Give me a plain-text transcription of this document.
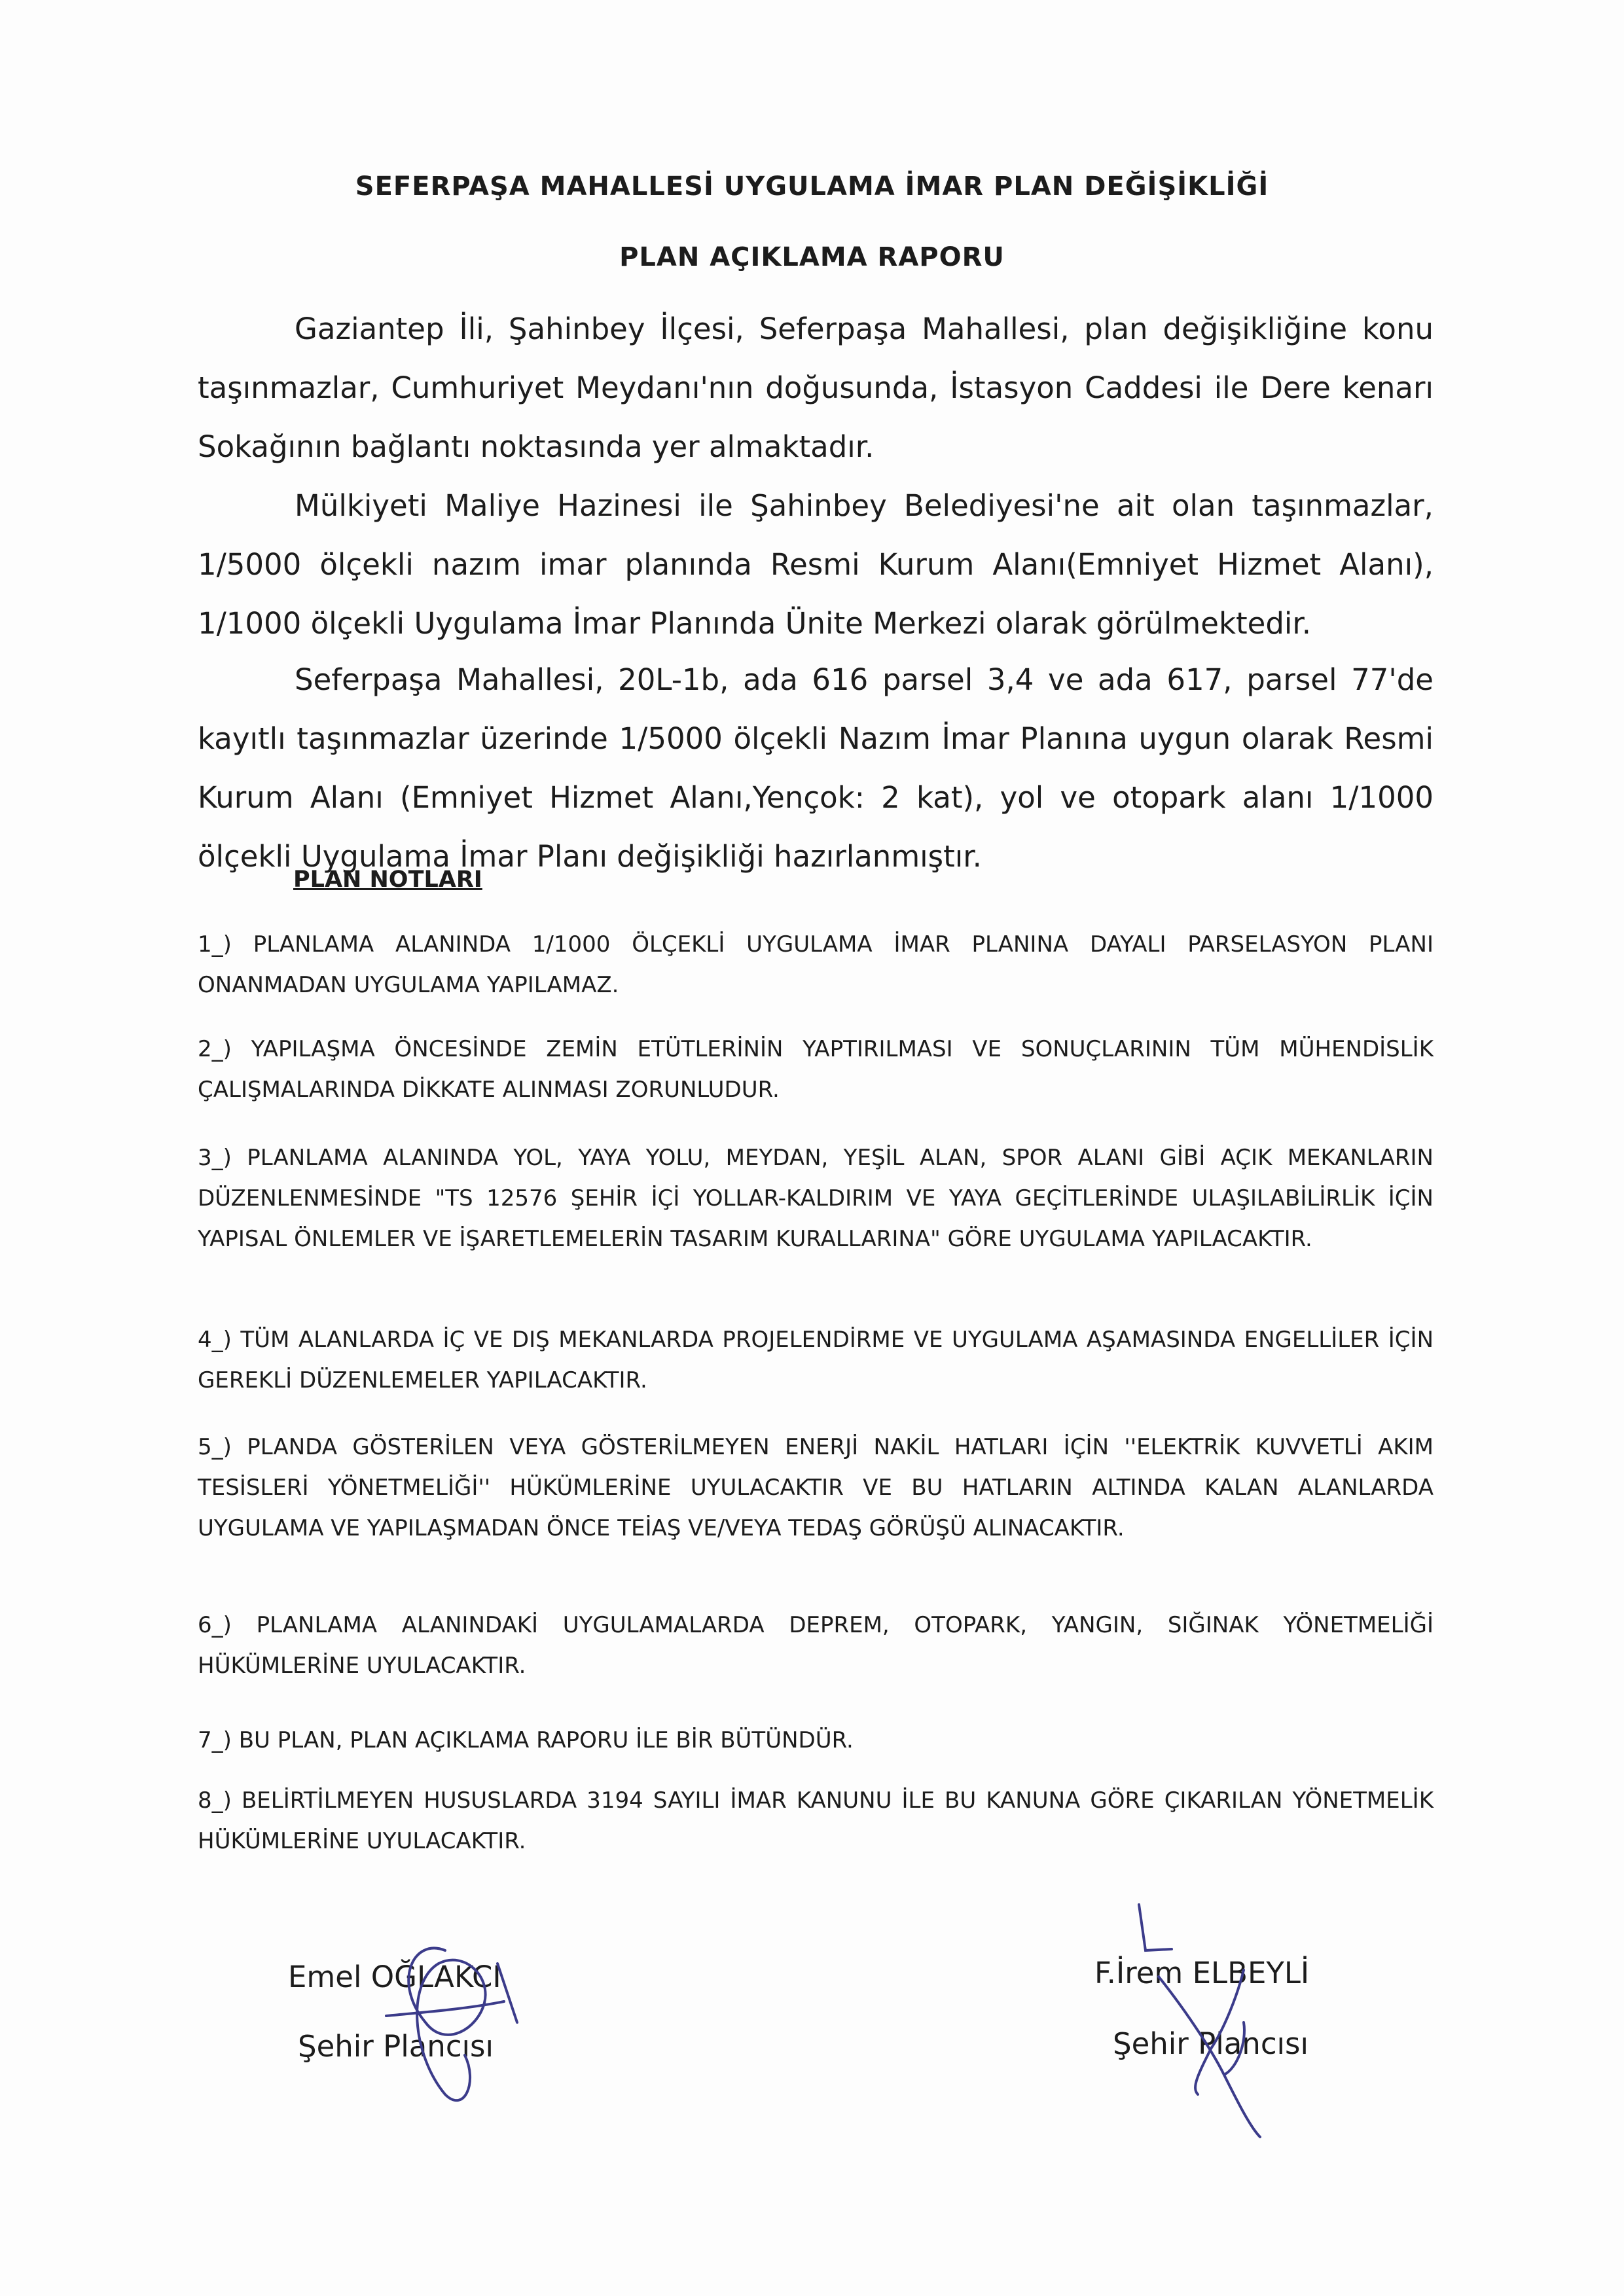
SEFERPAŞA MAHALLESİ UYGULAMA İMAR PLAN DEĞİŞİKLİĞİ
PLAN AÇIKLAMA RAPORU
Gaziantep İli, Şahinbey İlçesi, Seferpaşa Mahallesi, plan değişikliğine konu taşınmazlar, Cumhuriyet Meydanı'nın doğusunda, İstasyon Caddesi ile Dere kenarı Sokağının bağlantı noktasında yer almaktadır.
Mülkiyeti Maliye Hazinesi ile Şahinbey Belediyesi'ne ait olan taşınmazlar, 1/5000 ölçekli nazım imar planında Resmi Kurum Alanı(Emniyet Hizmet Alanı), 1/1000 ölçekli Uygulama İmar Planında Ünite Merkezi olarak görülmektedir.
Seferpaşa Mahallesi, 20L-1b, ada 616 parsel 3,4 ve ada 617, parsel 77'de kayıtlı taşınmazlar üzerinde 1/5000 ölçekli Nazım İmar Planına uygun olarak Resmi Kurum Alanı (Emniyet Hizmet Alanı,Yençok: 2 kat), yol ve otopark alanı 1/1000 ölçekli Uygulama İmar Planı değişikliği hazırlanmıştır.
PLAN NOTLARI
1_) PLANLAMA ALANINDA 1/1000 ÖLÇEKLİ UYGULAMA İMAR PLANINA DAYALI PARSELASYON PLANI ONANMADAN UYGULAMA YAPILAMAZ.
2_) YAPILAŞMA ÖNCESİNDE ZEMİN ETÜTLERİNİN YAPTIRILMASI VE SONUÇLARININ TÜM MÜHENDİSLİK ÇALIŞMALARINDA DİKKATE ALINMASI ZORUNLUDUR.
3_) PLANLAMA ALANINDA YOL, YAYA YOLU, MEYDAN, YEŞİL ALAN, SPOR ALANI GİBİ AÇIK MEKANLARIN DÜZENLENMESİNDE "TS 12576 ŞEHİR İÇİ YOLLAR-KALDIRIM VE YAYA GEÇİTLERİNDE ULAŞILABİLİRLİK İÇİN YAPISAL ÖNLEMLER VE İŞARETLEMELERİN TASARIM KURALLARINA" GÖRE UYGULAMA YAPILACAKTIR.
4_) TÜM ALANLARDA İÇ VE DIŞ MEKANLARDA PROJELENDİRME VE UYGULAMA AŞAMASINDA ENGELLİLER İÇİN GEREKLİ DÜZENLEMELER YAPILACAKTIR.
5_) PLANDA GÖSTERİLEN VEYA GÖSTERİLMEYEN ENERJİ NAKİL HATLARI İÇİN ''ELEKTRİK KUVVETLİ AKIM TESİSLERİ YÖNETMELİĞİ'' HÜKÜMLERİNE UYULACAKTIR VE BU HATLARIN ALTINDA KALAN ALANLARDA UYGULAMA VE YAPILAŞMADAN ÖNCE TEİAŞ VE/VEYA TEDAŞ GÖRÜŞÜ ALINACAKTIR.
6_) PLANLAMA ALANINDAKİ UYGULAMALARDA DEPREM, OTOPARK, YANGIN, SIĞINAK YÖNETMELİĞİ HÜKÜMLERİNE UYULACAKTIR.
7_) BU PLAN, PLAN AÇIKLAMA RAPORU İLE BİR BÜTÜNDÜR.
8_) BELİRTİLMEYEN HUSUSLARDA 3194 SAYILI İMAR KANUNU İLE BU KANUNA GÖRE ÇIKARILAN YÖNETMELİK HÜKÜMLERİNE UYULACAKTIR.
Emel OĞLAKCI
Şehir Plancısı
F.İrem ELBEYLİ
Şehir Plancısı
